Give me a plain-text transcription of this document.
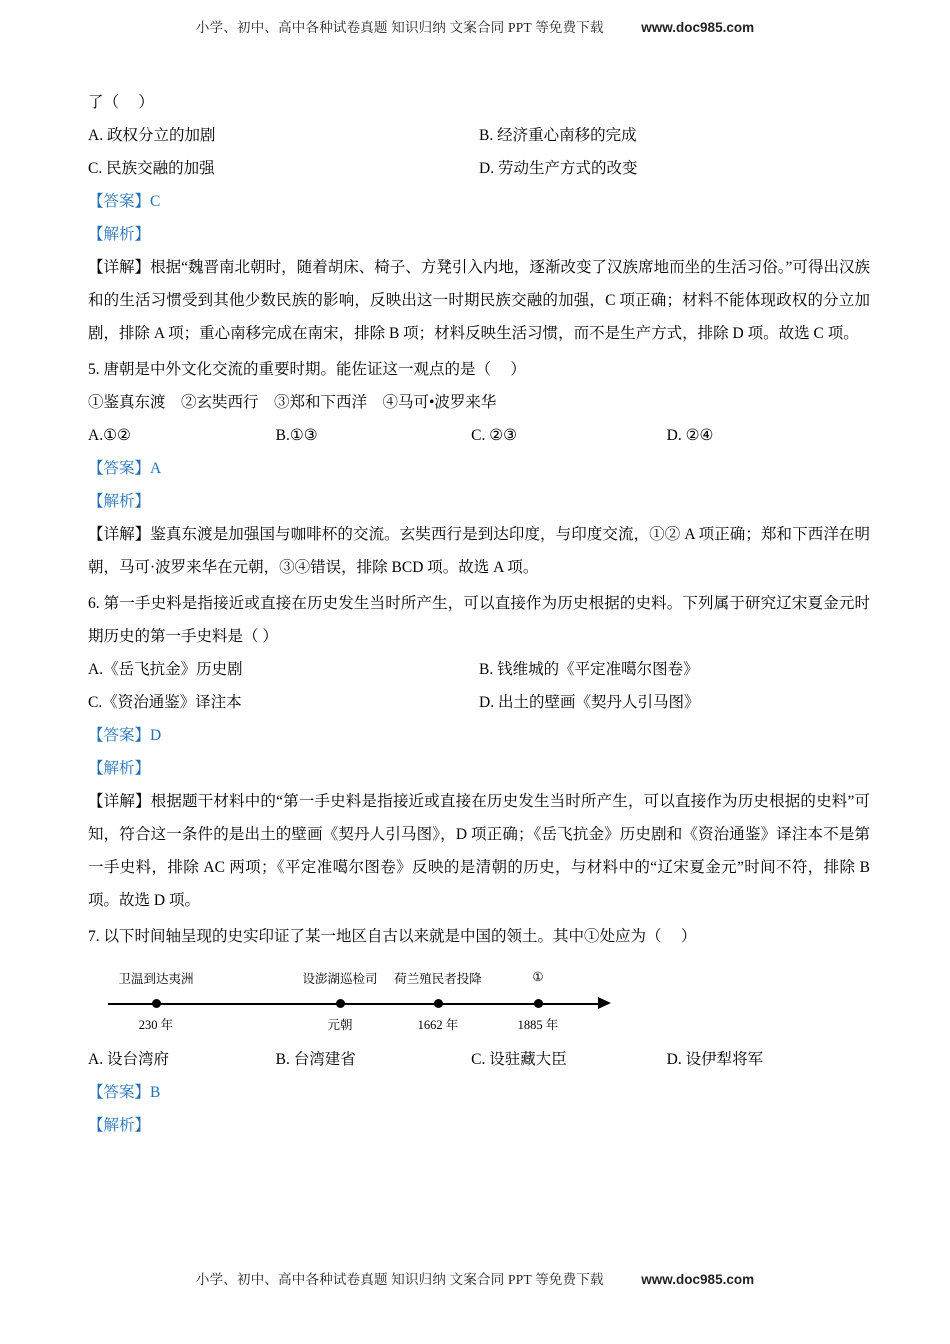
小学、初中、高中各种试卷真题 知识归纳 文案合同 PPT 等免费下载	www.doc985.com
了（     ）
A. 政权分立的加剧	B. 经济重心南移的完成
C. 民族交融的加强	D. 劳动生产方式的改变
【答案】C
【解析】
【详解】根据“魏晋南北朝时，随着胡床、椅子、方凳引入内地，逐渐改变了汉族席地而坐的生活习俗。”可得出汉族和的生活习惯受到其他少数民族的影响，反映出这一时期民族交融的加强，C 项正确；材料不能体现政权的分立加剧，排除 A 项；重心南移完成在南宋，排除 B 项；材料反映生活习惯，而不是生产方式，排除 D 项。故选 C 项。
5. 唐朝是中外文化交流的重要时期。能佐证这一观点的是（     ）
①鉴真东渡　②玄奘西行　③郑和下西洋　④马可•波罗来华
A.①②	B.①③	C. ②③	D. ②④
【答案】A
【解析】
【详解】鉴真东渡是加强国与咖啡杯的交流。玄奘西行是到达印度，与印度交流，①② A 项正确；郑和下西洋在明朝，马可·波罗来华在元朝，③④错误，排除 BCD 项。故选 A 项。
6. 第一手史料是指接近或直接在历史发生当时所产生，可以直接作为历史根据的史料。下列属于研究辽宋夏金元时期历史的第一手史料是（ ）
A.《岳飞抗金》历史剧	B. 钱维城的《平定准噶尔图卷》
C.《资治通鉴》译注本	D. 出土的壁画《契丹人引马图》
【答案】D
【解析】
【详解】根据题干材料中的“第一手史料是指接近或直接在历史发生当时所产生，可以直接作为历史根据的史料”可知，符合这一条件的是出土的壁画《契丹人引马图》，D 项正确；《岳飞抗金》历史剧和《资治通鉴》译注本不是第一手史料，排除 AC 两项；《平定准噶尔图卷》反映的是清朝的历史，与材料中的“辽宋夏金元”时间不符，排除 B 项。故选 D 项。
7. 以下时间轴呈现的史实印证了某一地区自古以来就是中国的领土。其中①处应为（     ）
卫温到达夷洲
230 年
设澎湖巡检司
元朝
荷兰殖民者投降
1662 年
①
1885 年
A. 设台湾府	B. 台湾建省	C. 设驻藏大臣	D. 设伊犁将军
【答案】B
【解析】
小学、初中、高中各种试卷真题 知识归纳 文案合同 PPT 等免费下载	www.doc985.com
